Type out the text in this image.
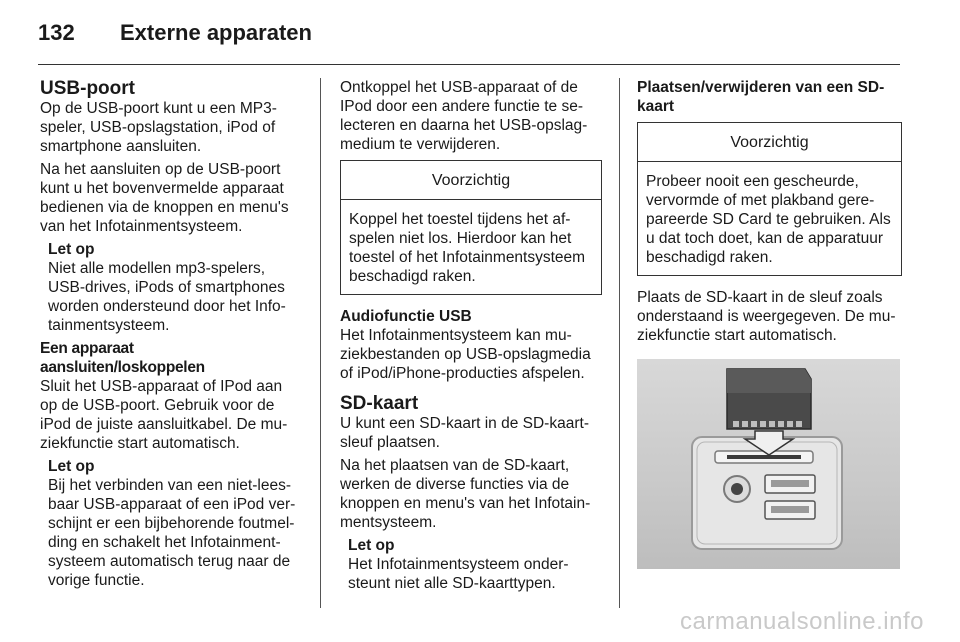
132 Externe apparaten
USB-poort

Op de USB-poort kunt u een MP3-speler, USB-opslagstation, iPod of smartphone aansluiten.

Na het aansluiten op de USB-poort kunt u het bovenvermelde apparaat bedienen via de knoppen en menu's van het Infotainmentsysteem.

Let op
Niet alle modellen mp3-spelers, USB-drives, iPods of smartphones worden ondersteund door het Infotainmentsysteem.
Een apparaat aansluiten/loskoppelen

Sluit het USB-apparaat of IPod aan op de USB-poort. Gebruik voor de iPod de juiste aansluitkabel. De muziekfunctie start automatisch.

Let op
Bij het verbinden van een niet-leesbaar USB-apparaat of een iPod verschijnt er een bijbehorende foutmelding en schakelt het Infotainmentsysteem automatisch terug naar de vorige functie.

Ontkoppel het USB-apparaat of de IPod door een andere functie te selecteren en daarna het USB-opslagmedium te verwijderen.

Voorzichtig
Koppel het toestel tijdens het afspelen niet los. Hierdoor kan het toestel of het Infotainmentsysteem beschadigd raken.
Audiofunctie USB

Het Infotainmentsysteem kan muziekbestanden op USB-opslagmedia of iPod/iPhone-producties afspelen.

SD-kaart

U kunt een SD-kaart in de SD-kaartsleuf plaatsen.

Na het plaatsen van de SD-kaart, werken de diverse functies via de knoppen en menu's van het Infotainmentsysteem.

Let op
Het Infotainmentsysteem ondersteunt niet alle SD-kaarttypen.
Plaatsen/verwijderen van een SD-kaart
Voorzichtig
Probeer nooit een gescheurde, vervormde of met plakband gerepareerde SD Card te gebruiken. Als u dat toch doet, kan de apparatuur beschadigd raken.

Plaats de SD-kaart in de sleuf zoals onderstaand is weergegeven. De muziekfunctie start automatisch.

carmanualsonline.info
